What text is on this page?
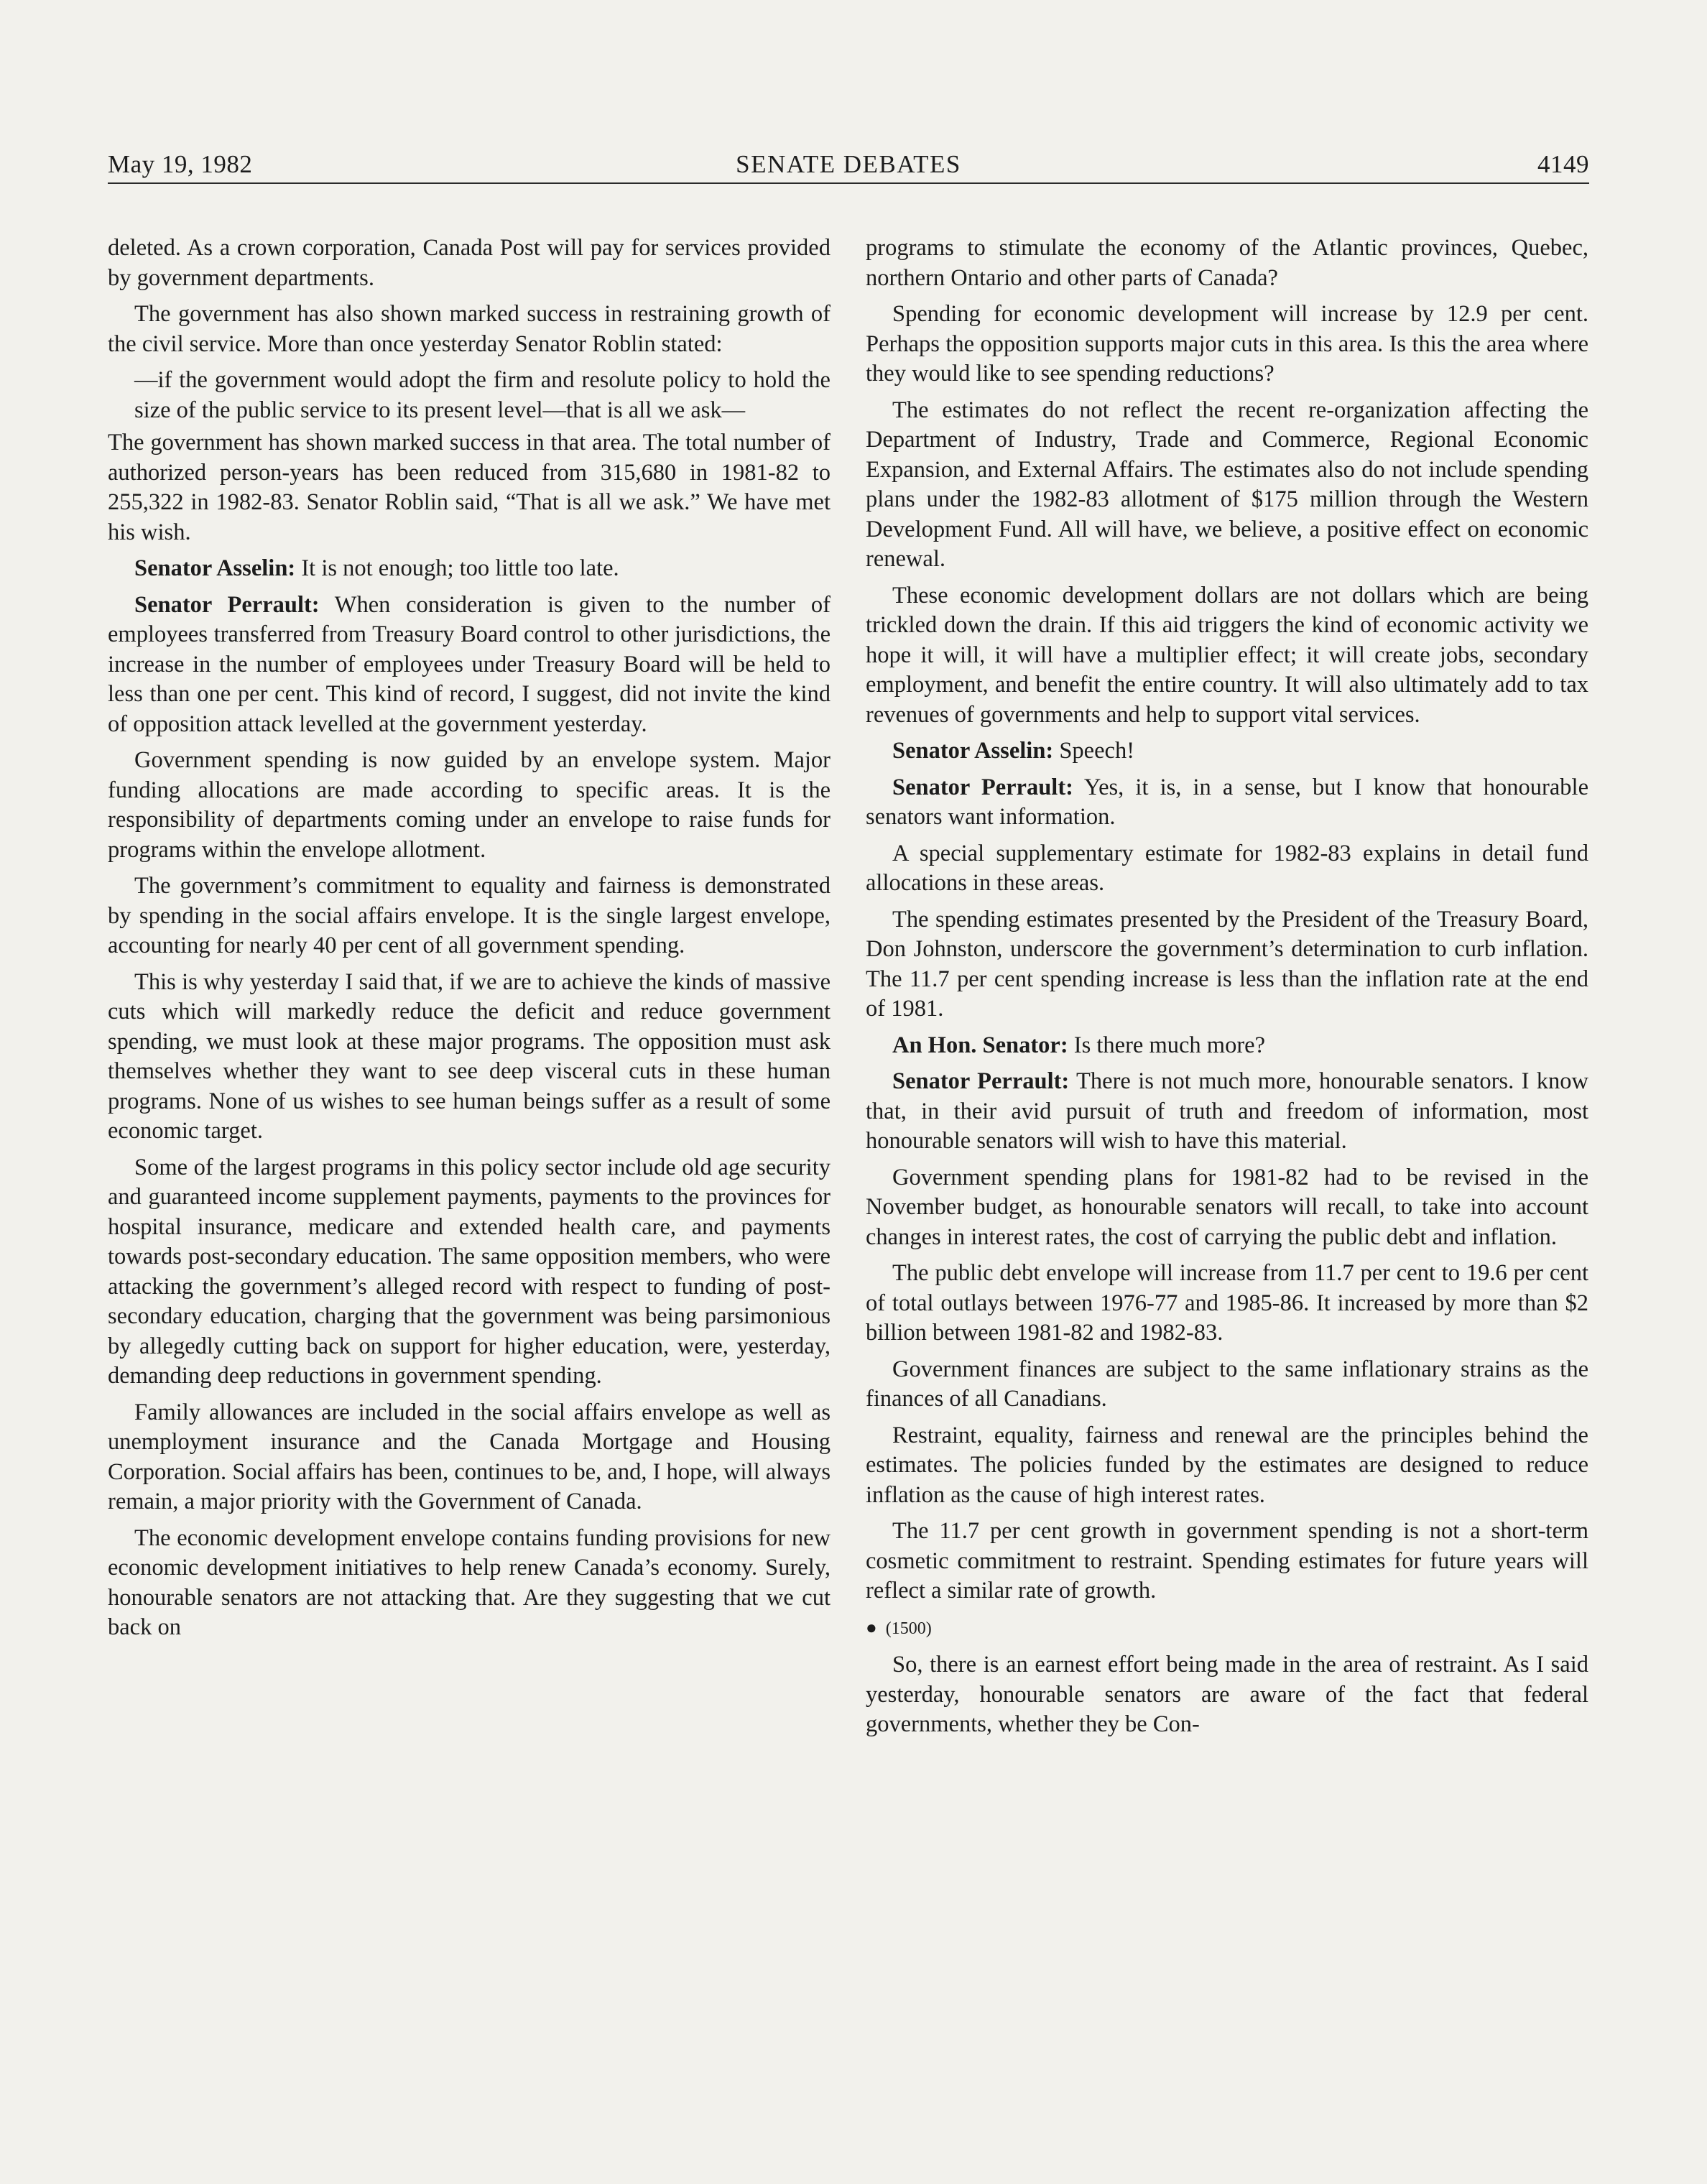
May 19, 1982	SENATE DEBATES	4149

deleted. As a crown corporation, Canada Post will pay for services provided by government departments.

The government has also shown marked success in restraining growth of the civil service. More than once yesterday Senator Roblin stated:

—if the government would adopt the firm and resolute policy to hold the size of the public service to its present level—that is all we ask—

The government has shown marked success in that area. The total number of authorized person-years has been reduced from 315,680 in 1981-82 to 255,322 in 1982-83. Senator Roblin said, “That is all we ask.” We have met his wish.

Senator Asselin: It is not enough; too little too late.

Senator Perrault: When consideration is given to the number of employees transferred from Treasury Board control to other jurisdictions, the increase in the number of employees under Treasury Board will be held to less than one per cent. This kind of record, I suggest, did not invite the kind of opposition attack levelled at the government yesterday.

Government spending is now guided by an envelope system. Major funding allocations are made according to specific areas. It is the responsibility of departments coming under an envelope to raise funds for programs within the envelope allotment.

The government’s commitment to equality and fairness is demonstrated by spending in the social affairs envelope. It is the single largest envelope, accounting for nearly 40 per cent of all government spending.

This is why yesterday I said that, if we are to achieve the kinds of massive cuts which will markedly reduce the deficit and reduce government spending, we must look at these major programs. The opposition must ask themselves whether they want to see deep visceral cuts in these human programs. None of us wishes to see human beings suffer as a result of some economic target.

Some of the largest programs in this policy sector include old age security and guaranteed income supplement payments, payments to the provinces for hospital insurance, medicare and extended health care, and payments towards post-secondary education. The same opposition members, who were attacking the government’s alleged record with respect to funding of post-secondary education, charging that the government was being parsimonious by allegedly cutting back on support for higher education, were, yesterday, demanding deep reductions in government spending.

Family allowances are included in the social affairs envelope as well as unemployment insurance and the Canada Mortgage and Housing Corporation. Social affairs has been, continues to be, and, I hope, will always remain, a major priority with the Government of Canada.

The economic development envelope contains funding provisions for new economic development initiatives to help renew Canada’s economy. Surely, honourable senators are not attacking that. Are they suggesting that we cut back on

programs to stimulate the economy of the Atlantic provinces, Quebec, northern Ontario and other parts of Canada?

Spending for economic development will increase by 12.9 per cent. Perhaps the opposition supports major cuts in this area. Is this the area where they would like to see spending reductions?

The estimates do not reflect the recent re-organization affecting the Department of Industry, Trade and Commerce, Regional Economic Expansion, and External Affairs. The estimates also do not include spending plans under the 1982-83 allotment of $175 million through the Western Development Fund. All will have, we believe, a positive effect on economic renewal.

These economic development dollars are not dollars which are being trickled down the drain. If this aid triggers the kind of economic activity we hope it will, it will have a multiplier effect; it will create jobs, secondary employment, and benefit the entire country. It will also ultimately add to tax revenues of governments and help to support vital services.

Senator Asselin: Speech!

Senator Perrault: Yes, it is, in a sense, but I know that honourable senators want information.

A special supplementary estimate for 1982-83 explains in detail fund allocations in these areas.

The spending estimates presented by the President of the Treasury Board, Don Johnston, underscore the government’s determination to curb inflation. The 11.7 per cent spending increase is less than the inflation rate at the end of 1981.

An Hon. Senator: Is there much more?

Senator Perrault: There is not much more, honourable senators. I know that, in their avid pursuit of truth and freedom of information, most honourable senators will wish to have this material.

Government spending plans for 1981-82 had to be revised in the November budget, as honourable senators will recall, to take into account changes in interest rates, the cost of carrying the public debt and inflation.

The public debt envelope will increase from 11.7 per cent to 19.6 per cent of total outlays between 1976-77 and 1985-86. It increased by more than $2 billion between 1981-82 and 1982-83.

Government finances are subject to the same inflationary strains as the finances of all Canadians.

Restraint, equality, fairness and renewal are the principles behind the estimates. The policies funded by the estimates are designed to reduce inflation as the cause of high interest rates.

The 11.7 per cent growth in government spending is not a short-term cosmetic commitment to restraint. Spending estimates for future years will reflect a similar rate of growth.

● (1500)

So, there is an earnest effort being made in the area of restraint. As I said yesterday, honourable senators are aware of the fact that federal governments, whether they be Con-
